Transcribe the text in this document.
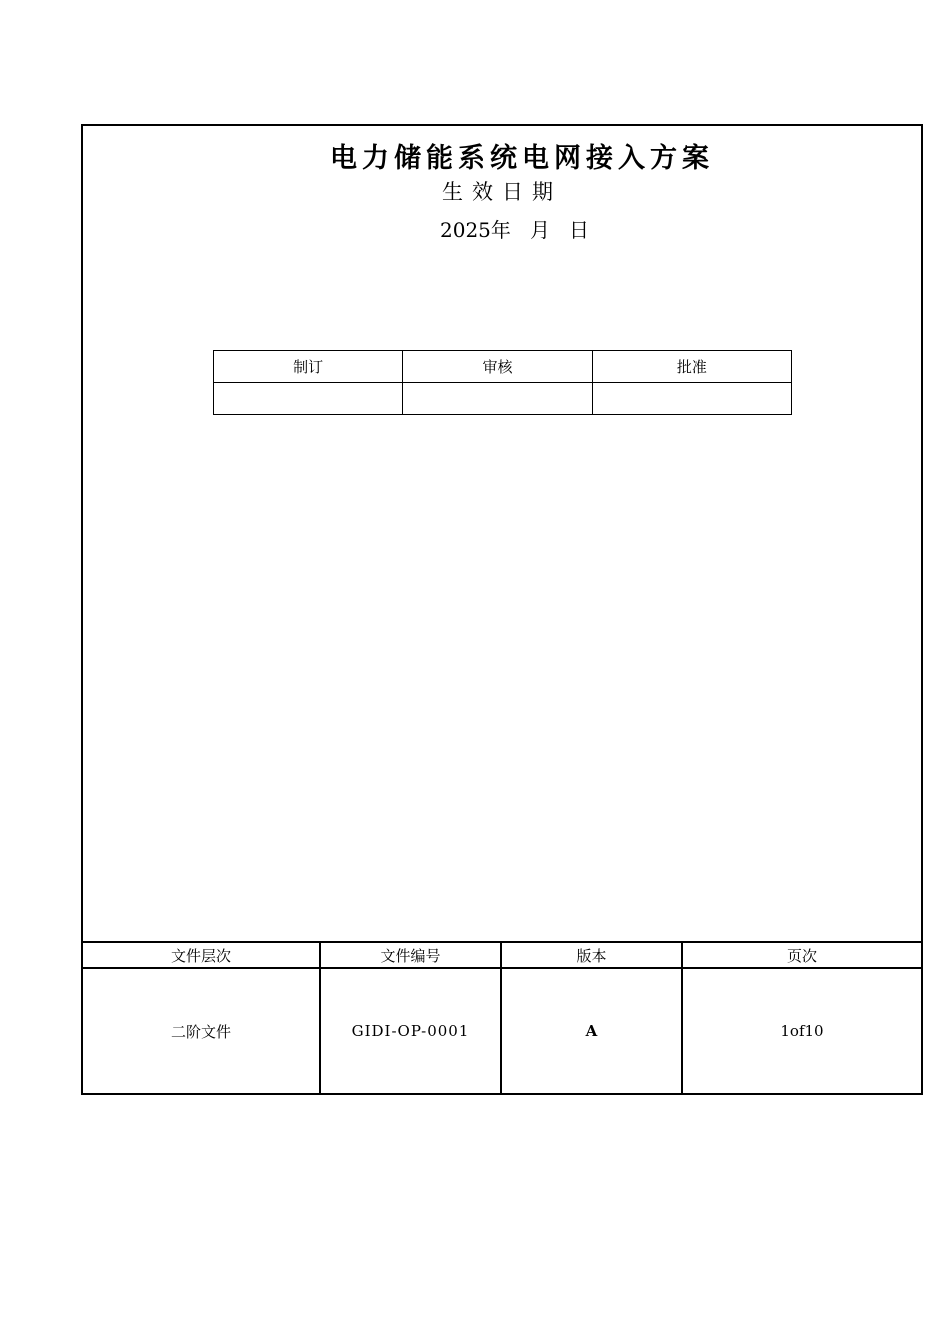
电力储能系统电网接入方案
生效日期
2025年   月   日
制订	审核	批准

文件层次	文件编号	版本	页次
二阶文件	GIDI-OP-0001	A	1of10
